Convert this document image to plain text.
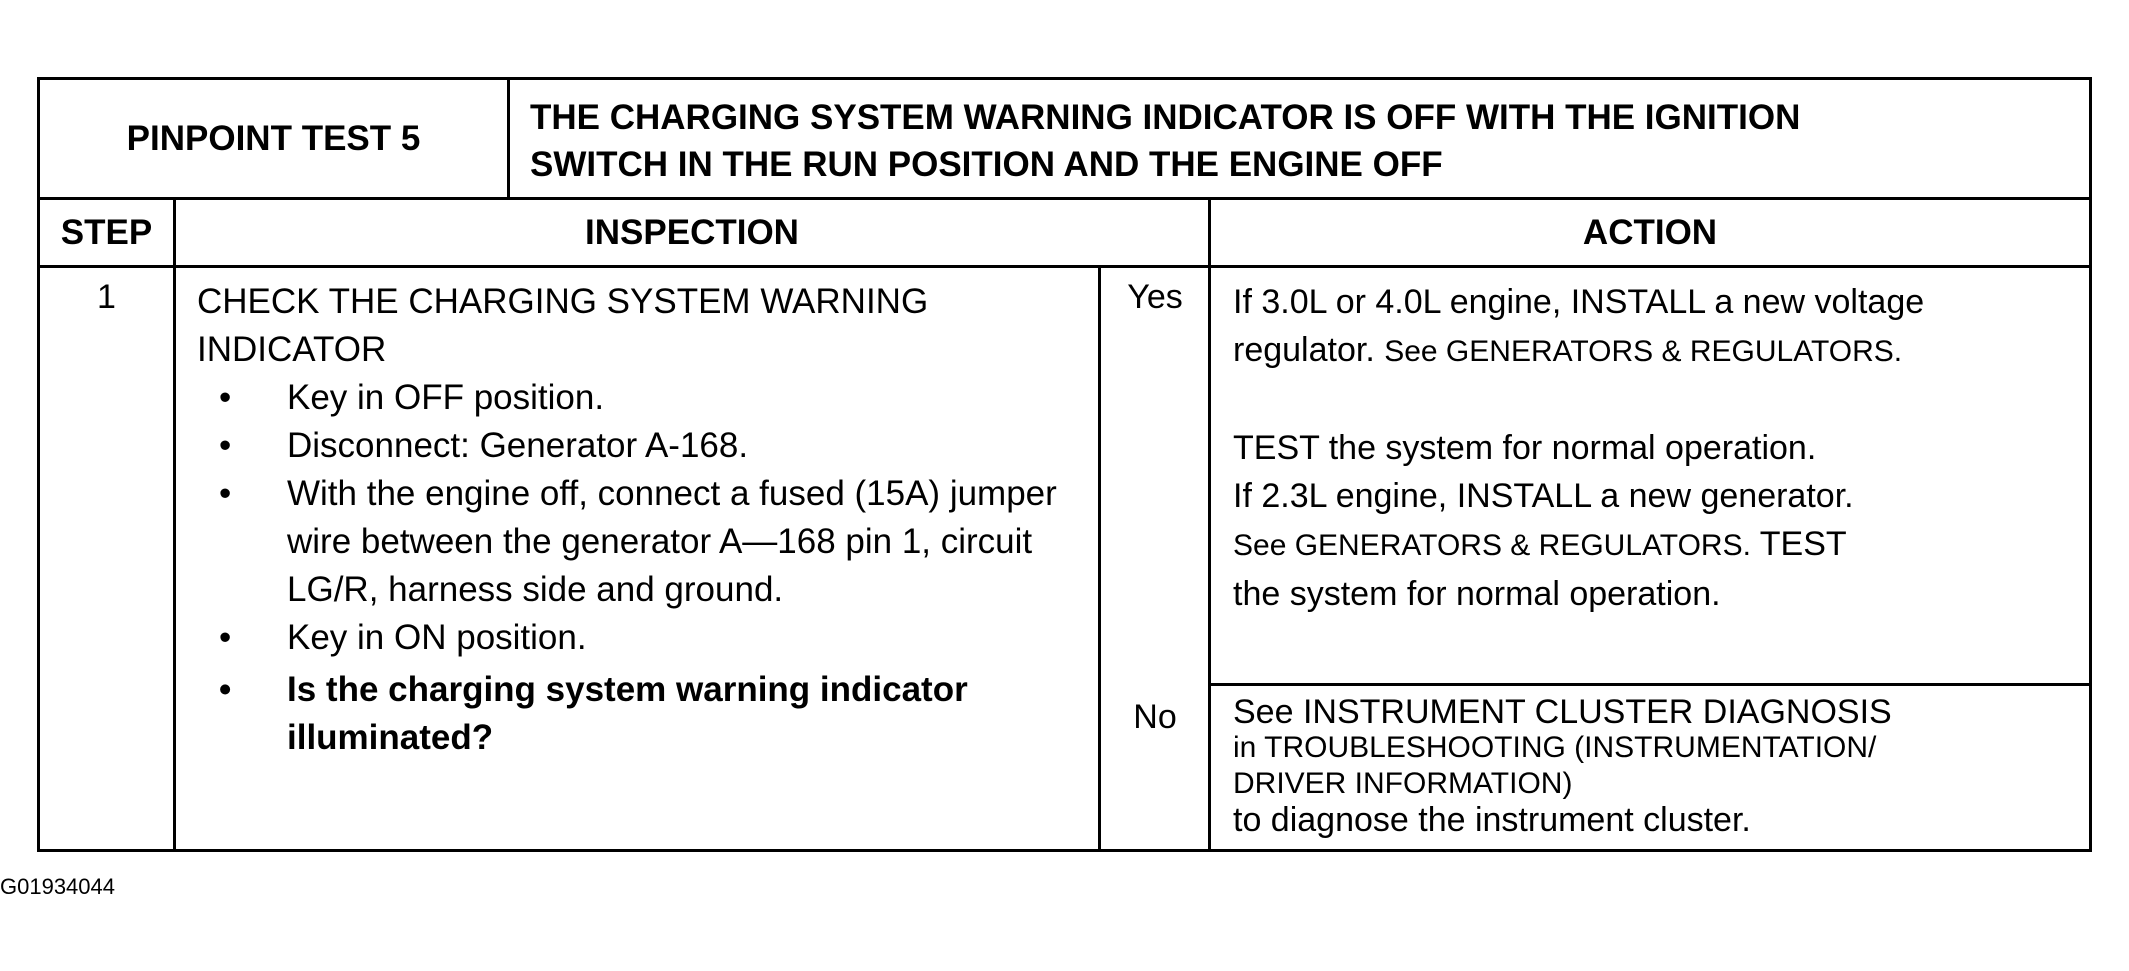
PINPOINT TEST 5
THE CHARGING SYSTEM WARNING INDICATOR IS OFF WITH THE IGNITION
SWITCH IN THE RUN POSITION AND THE ENGINE OFF
STEP	INSPECTION	ACTION
1	CHECK THE CHARGING SYSTEM WARNING
INDICATOR
• Key in OFF position.
• Disconnect: Generator A-168.
• With the engine off, connect a fused (15A) jumper wire between the generator A—168 pin 1, circuit LG/R, harness side and ground.
• Key in ON position.
• Is the charging system warning indicator illuminated?
Yes	If 3.0L or 4.0L engine, INSTALL a new voltage

regulator. See GENERATORS & REGULATORS.

TEST the system for normal operation.

If 2.3L engine, INSTALL a new generator.

See GENERATORS & REGULATORS. TEST

the system for normal operation.

No	See INSTRUMENT CLUSTER DIAGNOSIS

in TROUBLESHOOTING (INSTRUMENTATION/

DRIVER INFORMATION)

to diagnose the instrument cluster.

G01934044
